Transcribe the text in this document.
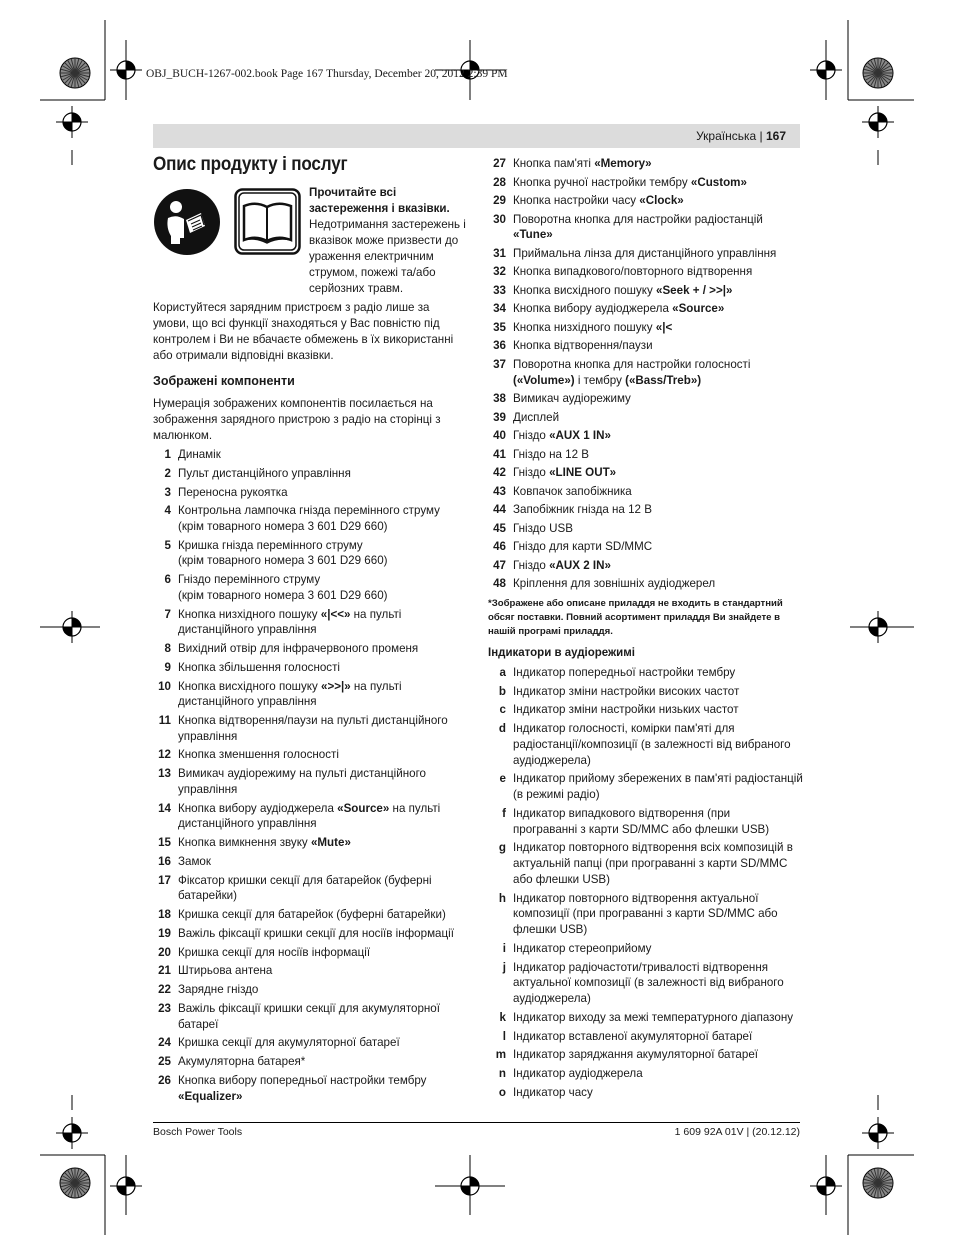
OBJ_BUCH-1267-002.book Page 167 Thursday, December 20, 2012 2:39 PM
Українська | 167
Опис продукту і послуг
Прочитайте всі застереження і вказівки. Недотримання застережень і вказівок може призвести до ураження електричним струмом, пожежі та/або серйозних травм.
Користуйтеся зарядним пристроєм з радіо лише за умови, що всі функції знаходяться у Вас повністю під контролем і Ви не вбачаєте обмежень в їх використанні або отримали відповідні вказівки.
Зображені компоненти
Нумерація зображених компонентів посилається на зображення зарядного пристрою з радіо на сторінці з малюнком.
1 Динамік
2 Пульт дистанційного управління
3 Переносна рукоятка
4 Контрольна лампочка гнізда перемінного струму
(крім товарного номера 3 601 D29 660)
5 Кришка гнізда перемінного струму
(крім товарного номера 3 601 D29 660)
6 Гніздо перемінного струму
(крім товарного номера 3 601 D29 660)
7 Кнопка низхідного пошуку «|<<» на пульті
дистанційного управління
8 Вихідний отвір для інфрачервоного променя
9 Кнопка збільшення голосності
10 Кнопка висхідного пошуку «>>|» на пульті
дистанційного управління
11 Кнопка відтворення/паузи на пульті дистанційного
управління
12 Кнопка зменшення голосності
13 Вимикач аудіорежиму на пульті дистанційного
управління
14 Кнопка вибору аудіоджерела «Source» на пульті
дистанційного управління
15 Кнопка вимкнення звуку «Mute»
16 Замок
17 Фіксатор кришки секції для батарейок (буферні
батарейки)
18 Кришка секції для батарейок (буферні батарейки)
19 Важіль фіксації кришки секції для носіїв інформації
20 Кришка секції для носіїв інформації
21 Штирьова антена
22 Зарядне гніздо
23 Важіль фіксації кришки секції для акумуляторної
батареї
24 Кришка секції для акумуляторної батареї
25 Акумуляторна батарея*
26 Кнопка вибору попередньої настройки тембру
«Equalizer»
27 Кнопка пам'яті «Memory»
28 Кнопка ручної настройки тембру «Custom»
29 Кнопка настройки часу «Clock»
30 Поворотна кнопка для настройки радіостанцій
«Tune»
31 Приймальна лінза для дистанційного управління
32 Кнопка випадкового/повторного відтворення
33 Кнопка висхідного пошуку «Seek + / >>|»
34 Кнопка вибору аудіоджерела «Source»
35 Кнопка низхідного пошуку «|<
36 Кнопка відтворення/паузи
37 Поворотна кнопка для настройки голосності
(«Volume») і тембру («Bass/Treb»)
38 Вимикач аудіорежиму
39 Дисплей
40 Гніздо «AUX 1 IN»
41 Гніздо на 12 В
42 Гніздо «LINE OUT»
43 Ковпачок запобіжника
44 Запобіжник гнізда на 12 В
45 Гніздо USB
46 Гніздо для карти SD/MMC
47 Гніздо «AUX 2 IN»
48 Кріплення для зовнішніх аудіоджерел
*Зображене або описане приладдя не входить в стандартний обсяг поставки. Повний асортимент приладдя Ви знайдете в нашій програмі приладдя.
Індикатори в аудіорежимі
a Індикатор попередньої настройки тембру
b Індикатор зміни настройки високих частот
c Індикатор зміни настройки низьких частот
d Індикатор голосності, комірки пам'яті для
радіостанції/композиції (в залежності від вибраного
аудіоджерела)
e Індикатор прийому збережених в пам'яті радіостанцій
(в режимі радіо)
f Індикатор випадкового відтворення (при
програванні з карти SD/MMC або флешки USB)
g Індикатор повторного відтворення всіх композицій в
актуальній папці (при програванні з карти SD/MMC
або флешки USB)
h Індикатор повторного відтворення актуальної
композиції (при програванні з карти SD/MMC або
флешки USB)
i Індикатор стереоприйому
j Індикатор радіочастоти/тривалості відтворення
актуальної композиції (в залежності від вибраного
аудіоджерела)
k Індикатор виходу за межі температурного діапазону
l Індикатор вставленої акумуляторної батареї
m Індикатор заряджання акумуляторної батареї
n Індикатор аудіоджерела
o Індикатор часу
Bosch Power Tools	1 609 92A 01V | (20.12.12)
